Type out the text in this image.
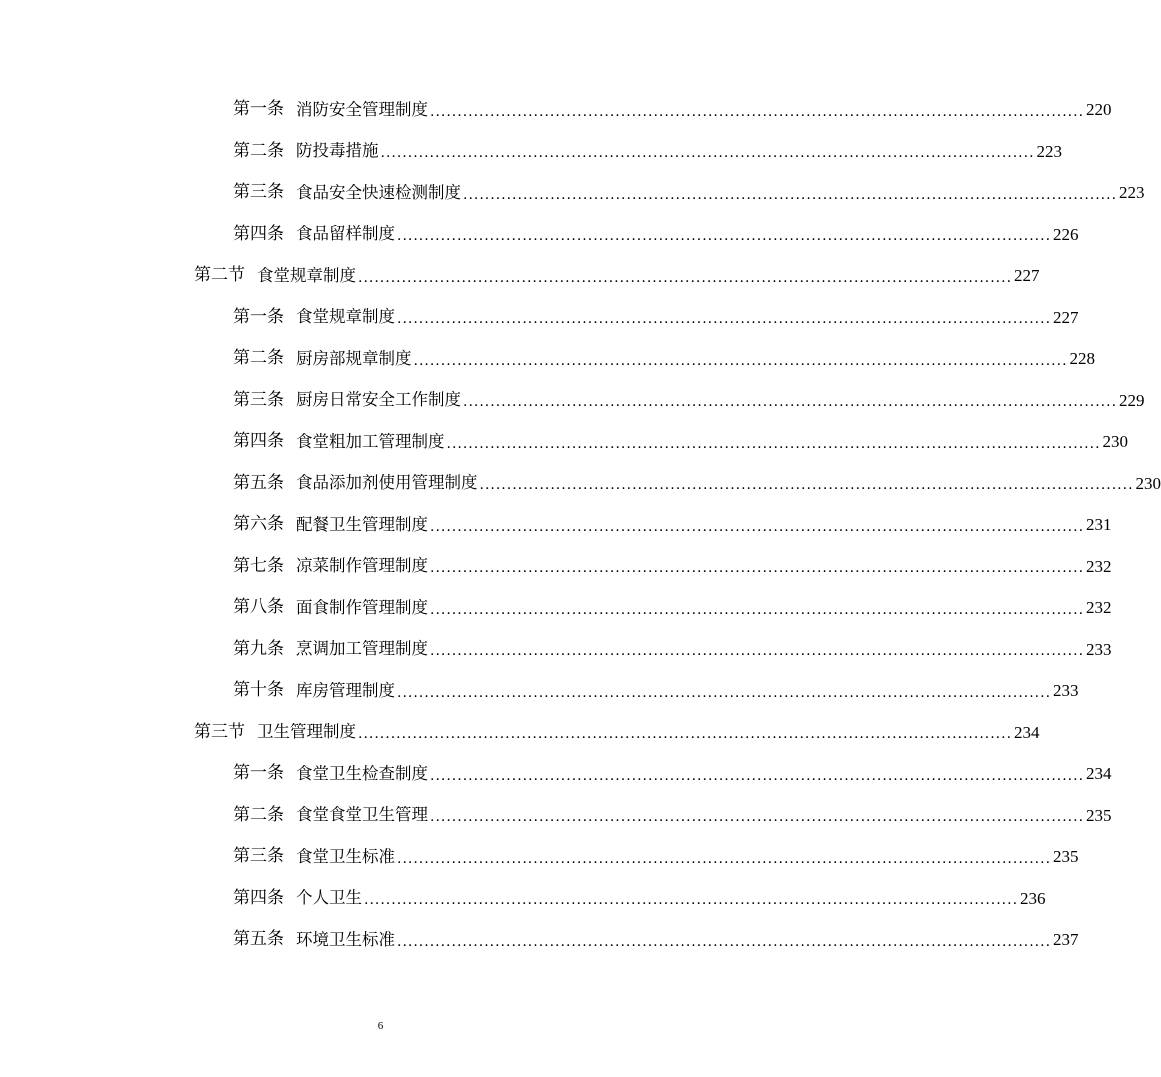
第一条 消防安全管理制度 ........................................................................................................................ 220
第二条 防投毒措施 ........................................................................................................................ 223
第三条 食品安全快速检测制度 ........................................................................................................................ 223
第四条 食品留样制度 ........................................................................................................................ 226
第二节 食堂规章制度 ........................................................................................................................ 227
第一条 食堂规章制度 ........................................................................................................................ 227
第二条 厨房部规章制度 ........................................................................................................................ 228
第三条 厨房日常安全工作制度 ........................................................................................................................ 229
第四条 食堂粗加工管理制度 ........................................................................................................................ 230
第五条 食品添加剂使用管理制度 ........................................................................................................................ 230
第六条 配餐卫生管理制度 ........................................................................................................................ 231
第七条 凉菜制作管理制度 ........................................................................................................................ 232
第八条 面食制作管理制度 ........................................................................................................................ 232
第九条 烹调加工管理制度 ........................................................................................................................ 233
第十条 库房管理制度 ........................................................................................................................ 233
第三节 卫生管理制度 ........................................................................................................................ 234
第一条 食堂卫生检查制度 ........................................................................................................................ 234
第二条 食堂食堂卫生管理 ........................................................................................................................ 235
第三条 食堂卫生标准 ........................................................................................................................ 235
第四条 个人卫生 ........................................................................................................................ 236
第五条 环境卫生标准 ........................................................................................................................ 237
6
